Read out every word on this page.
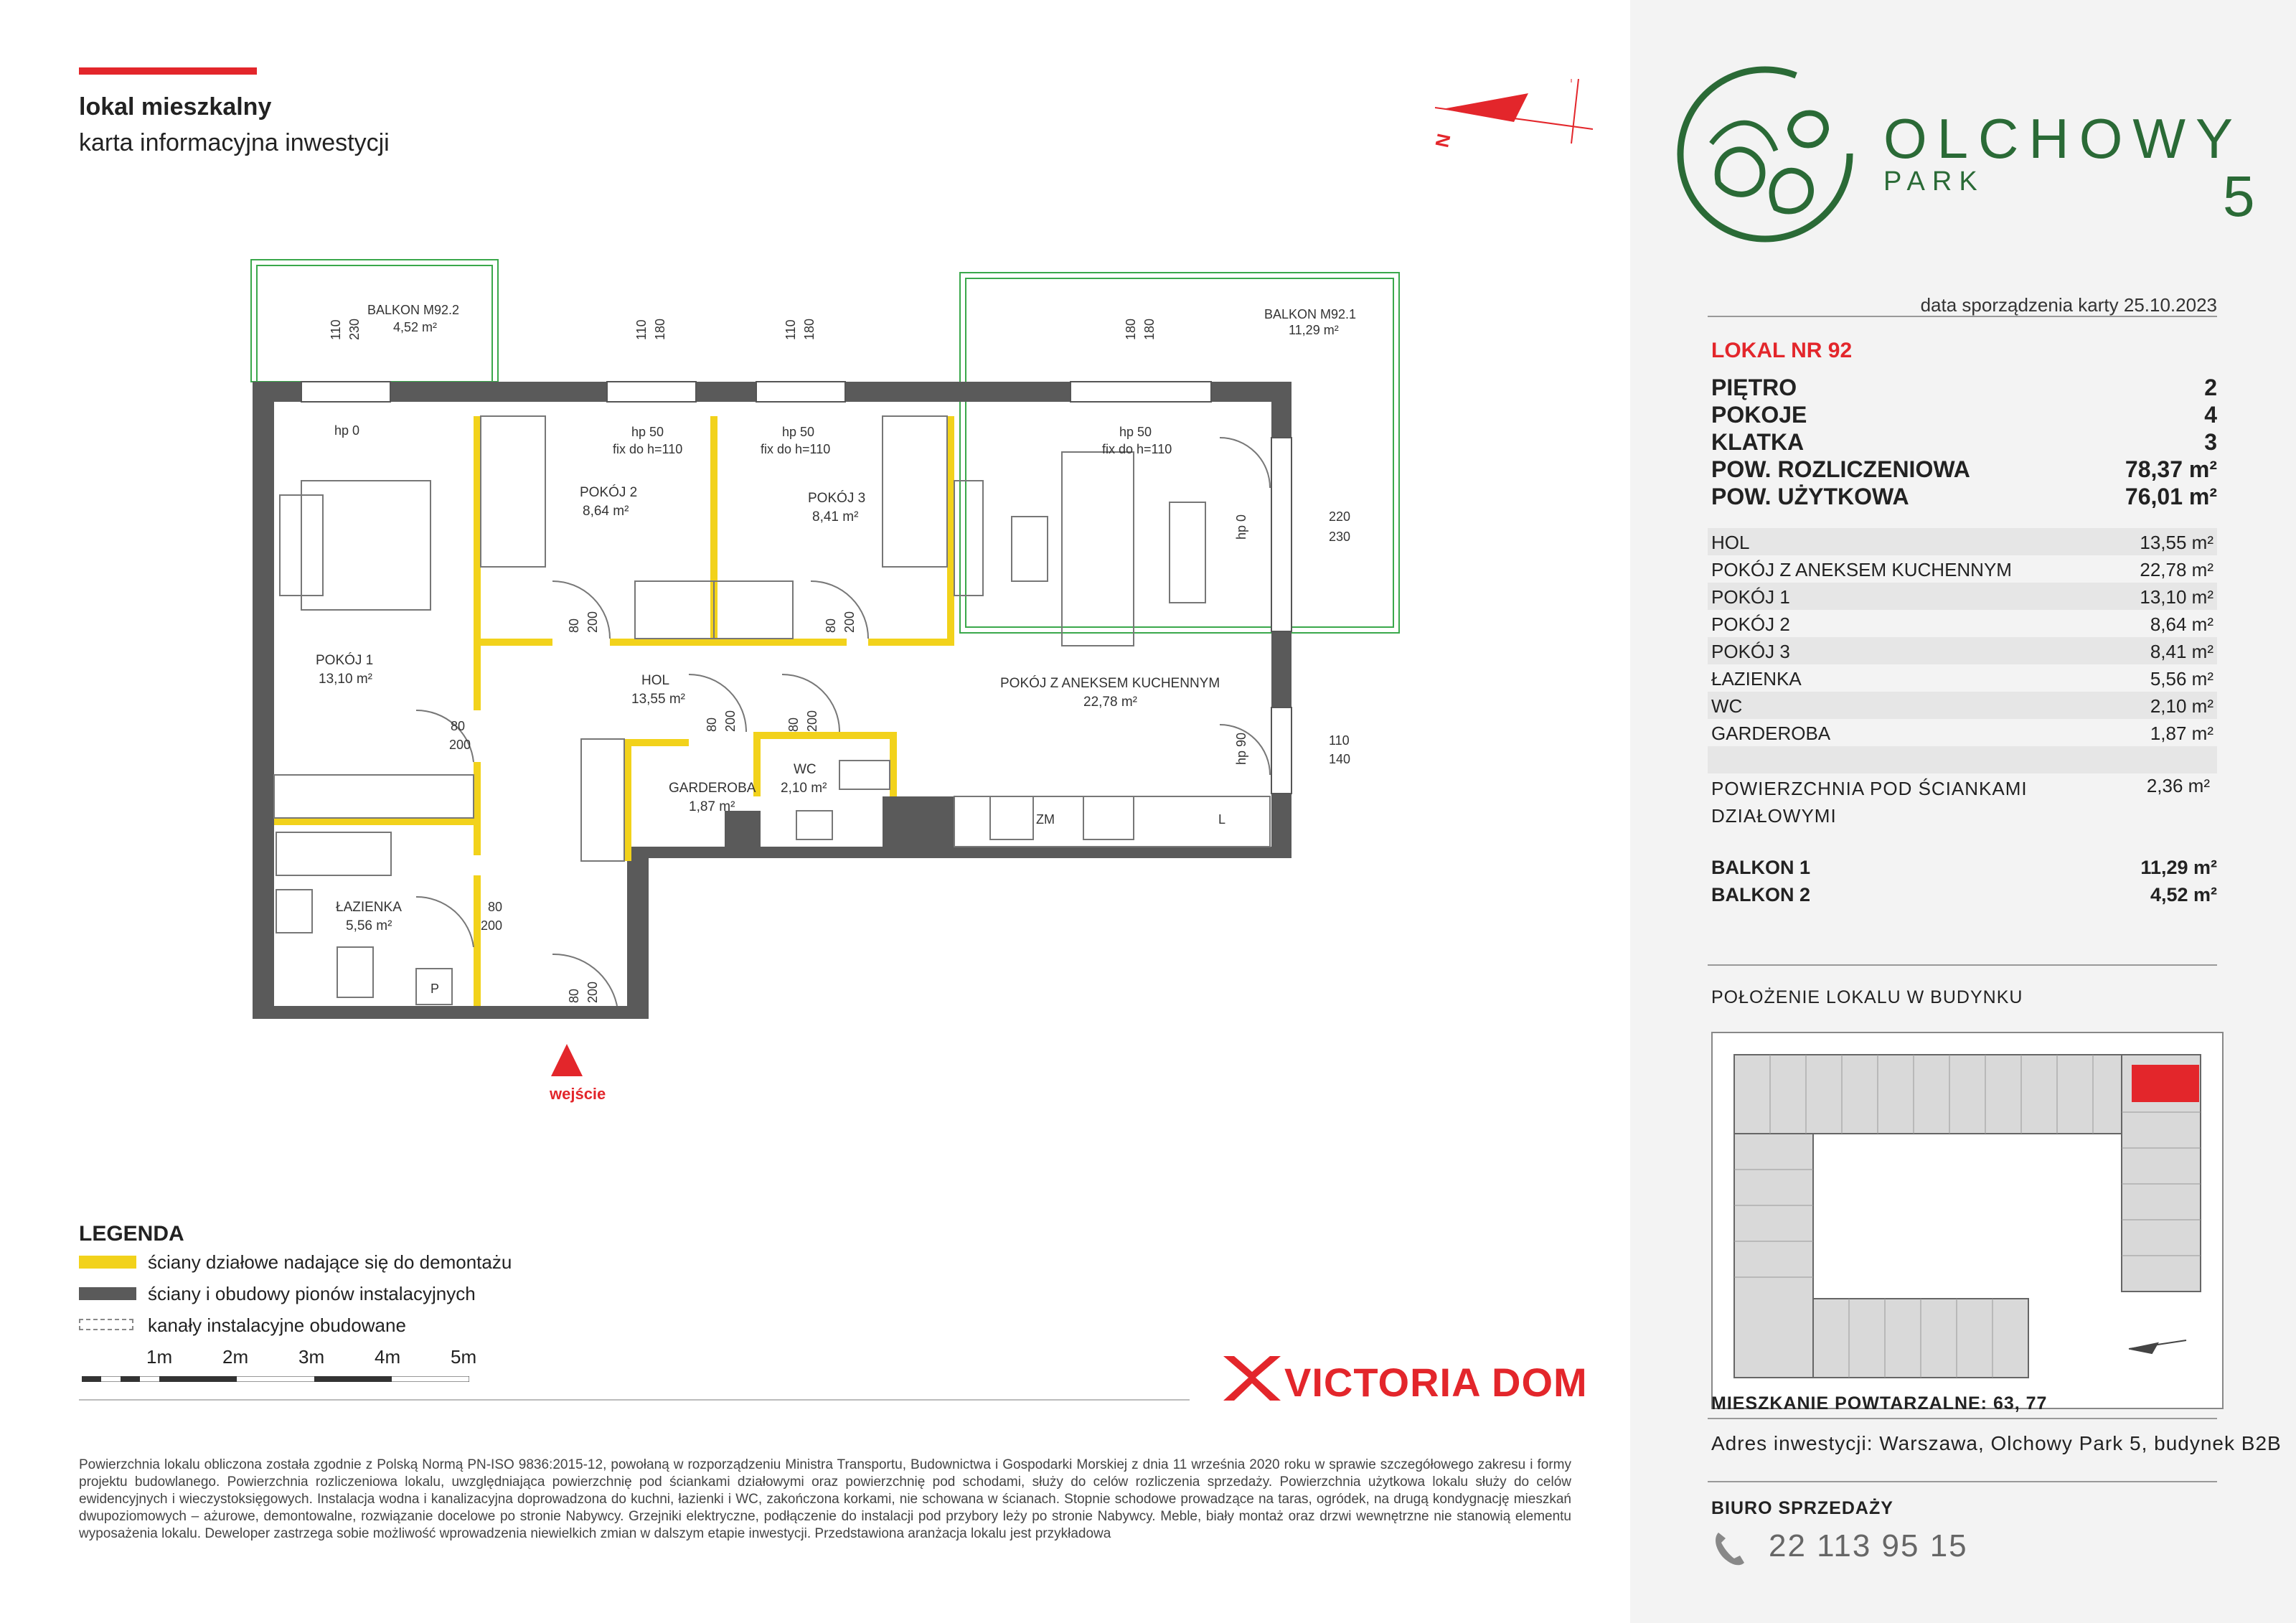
lokal mieszkalny
karta informacyjna inwestycji	N
wejście
BALKON M92.2
4,52 m²
BALKON M92.1
11,29 m²
POKÓJ 1
13,10 m²
POKÓJ 2
8,64 m²
POKÓJ 3
8,41 m²
POKÓJ Z ANEKSEM KUCHENNYM
22,78 m²
HOL
13,55 m²
GARDEROBA
1,87 m²
WC
2,10 m²
ŁAZIENKA
5,56 m²
hp 0	hp 50
fix do h=110
hp 50
fix do h=110
hp 50
fix do h=110
hp 0
hp 90
110 230	110 180	110 180	180 180
220
230
110
140
80
200
80 200	80 200
80 200	80 200
80
200
80 200
ZM	L
P
LEGENDA
ściany działowe nadające się do demontażu
ściany i obudowy pionów instalacyjnych
kanały instalacyjne obudowane
1m	2m	3m	4m	5m
VICTORIA DOM
Powierzchnia lokalu obliczona została zgodnie z Polską Normą PN-ISO 9836:2015-12, powołaną w rozporządzeniu Ministra Transportu, Budownictwa i Gospodarki Morskiej z dnia 11 września 2020 roku w sprawie szczegółowego zakresu i formy projektu budowlanego. Powierzchnia rozliczeniowa lokalu, uwzględniająca powierzchnię pod ściankami działowymi oraz powierzchnię pod schodami, służy do celów rozliczenia sprzedaży. Powierzchnia użytkowa lokalu służy do celów ewidencyjnych i wieczystoksięgowych. Instalacja wodna i kanalizacyjna doprowadzona do kuchni, łazienki i WC, zakończona korkami, nie schowana w ścianach. Stopnie schodowe prowadzące na taras, ogródek, na drugą kondygnację mieszkań dwupoziomowych – ażurowe, demontowalne, rozwiązanie docelowe po stronie Nabywcy. Grzejniki elektryczne, podłączenie do instalacji pod przybory leży po stronie Nabywcy. Meble, biały montaż oraz drzwi wewnętrzne nie stanowią elementu wyposażenia lokalu. Deweloper zastrzega sobie możliwość wprowadzenia niewielkich zmian w dalszym etapie inwestycji. Przedstawiona aranżacja lokalu jest przykładowa
OLCHOWY
PARK	5
data sporządzenia karty 25.10.2023
LOKAL NR 92
PIĘTRO	2
POKOJE	4
KLATKA	3
POW. ROZLICZENIOWA	78,37 m²
POW. UŻYTKOWA	76,01 m²
HOL	13,55 m²
POKÓJ Z ANEKSEM KUCHENNYM	22,78 m²
POKÓJ 1	13,10 m²
POKÓJ 2	8,64 m²
POKÓJ 3	8,41 m²
ŁAZIENKA	5,56 m²
WC	2,10 m²
GARDEROBA	1,87 m²
POWIERZCHNIA POD ŚCIANKAMI DZIAŁOWYMI
2,36 m²
BALKON 1	11,29 m²
BALKON 2	4,52 m²
POŁOŻENIE LOKALU W BUDYNKU
MIESZKANIE POWTARZALNE: 63, 77
Adres inwestycji: Warszawa, Olchowy Park 5, budynek B2B
BIURO SPRZEDAŻY
22 113 95 15
